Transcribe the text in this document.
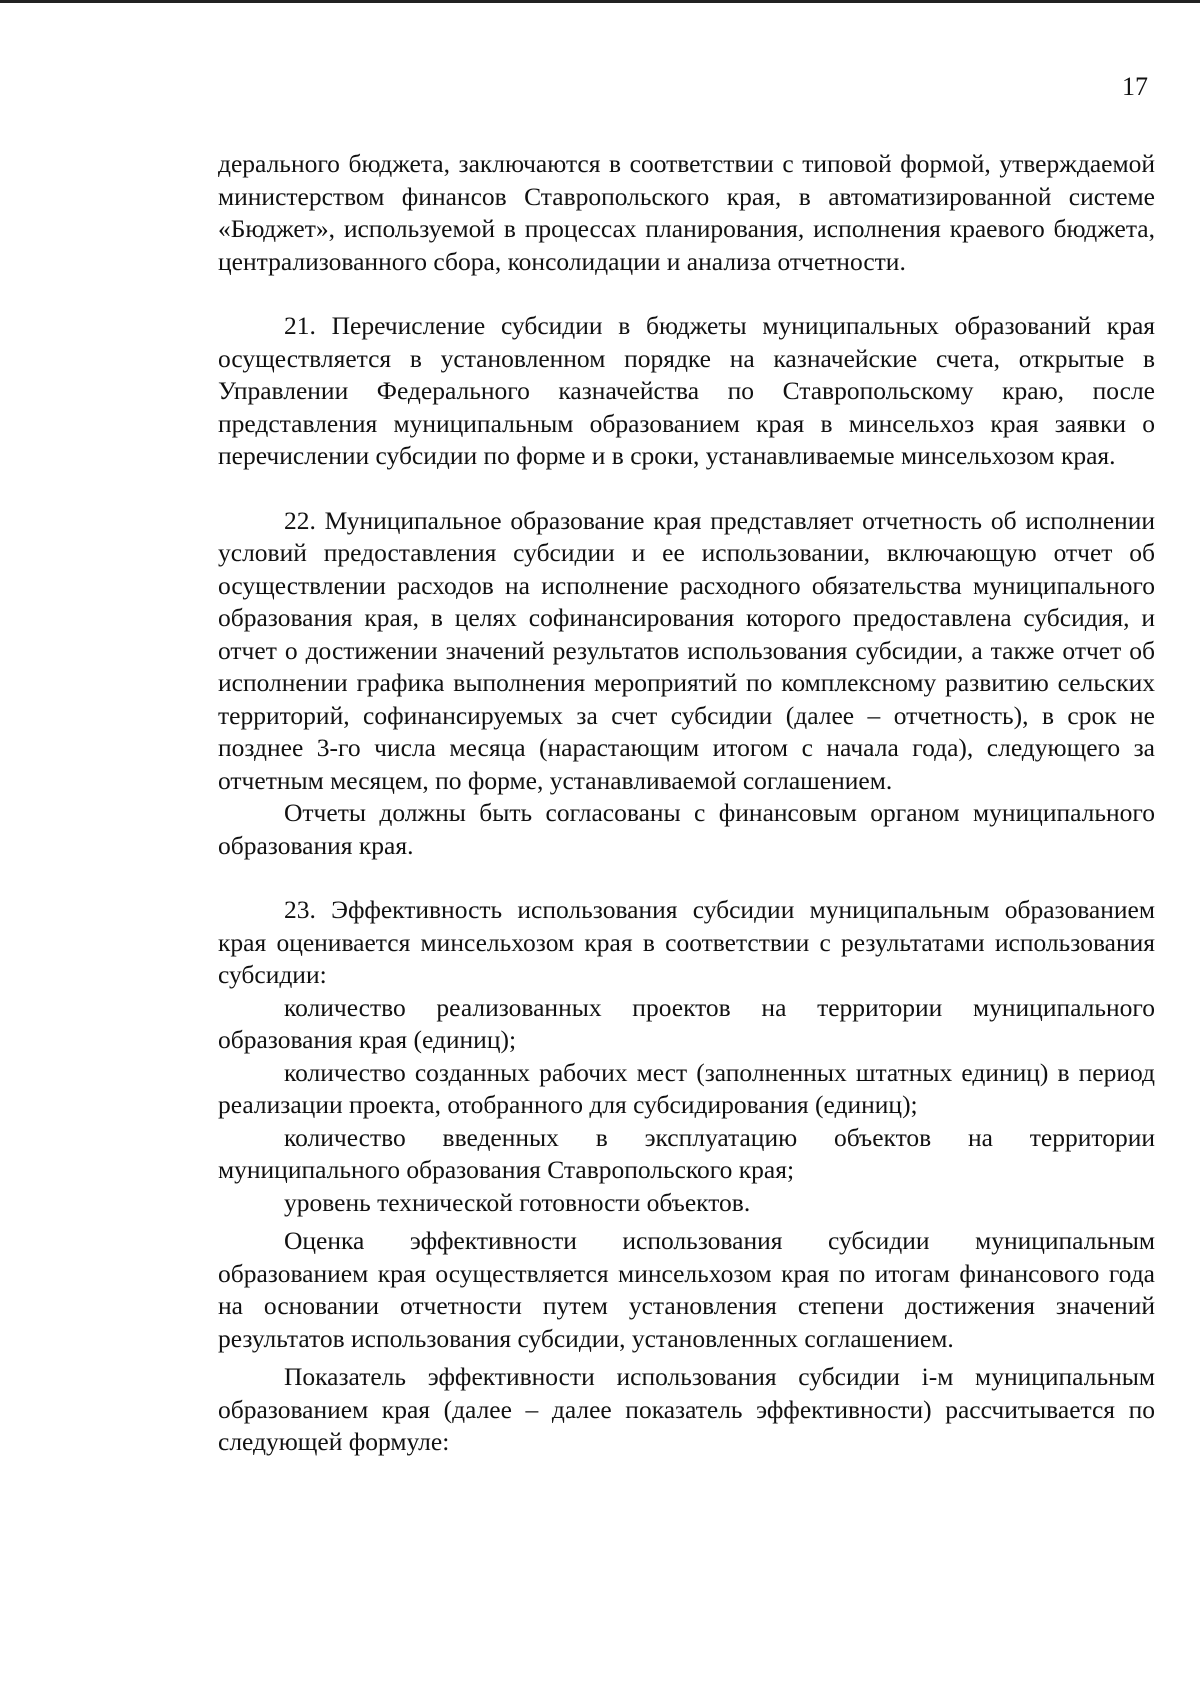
17

дерального бюджета, заключаются в соответствии с типовой формой, утверждаемой министерством финансов Ставропольского края, в автоматизированной системе «Бюджет», используемой в процессах планирования, исполнения краевого бюджета, централизованного сбора, консолидации и анализа отчетности.

21. Перечисление субсидии в бюджеты муниципальных образований края осуществляется в установленном порядке на казначейские счета, открытые в Управлении Федерального казначейства по Ставропольскому краю, после представления муниципальным образованием края в минсельхоз края заявки о перечислении субсидии по форме и в сроки, устанавливаемые минсельхозом края.

22. Муниципальное образование края представляет отчетность об исполнении условий предоставления субсидии и ее использовании, включающую отчет об осуществлении расходов на исполнение расходного обязательства муниципального образования края, в целях софинансирования которого предоставлена субсидия, и отчет о достижении значений результатов использования субсидии, а также отчет об исполнении графика выполнения мероприятий по комплексному развитию сельских территорий, софинансируемых за счет субсидии (далее – отчетность), в срок не позднее 3-го числа месяца (нарастающим итогом с начала года), следующего за отчетным месяцем, по форме, устанавливаемой соглашением.

Отчеты должны быть согласованы с финансовым органом муниципального образования края.

23. Эффективность использования субсидии муниципальным образованием края оценивается минсельхозом края в соответствии с результатами использования субсидии:

количество реализованных проектов на территории муниципального образования края (единиц);

количество созданных рабочих мест (заполненных штатных единиц) в период реализации проекта, отобранного для субсидирования (единиц);

количество введенных в эксплуатацию объектов на территории муниципального образования Ставропольского края;

уровень технической готовности объектов.

Оценка эффективности использования субсидии муниципальным образованием края осуществляется минсельхозом края по итогам финансового года на основании отчетности путем установления степени достижения значений результатов использования субсидии, установленных соглашением.

Показатель эффективности использования субсидии i-м муниципальным образованием края (далее – далее показатель эффективности) рассчитывается по следующей формуле:
